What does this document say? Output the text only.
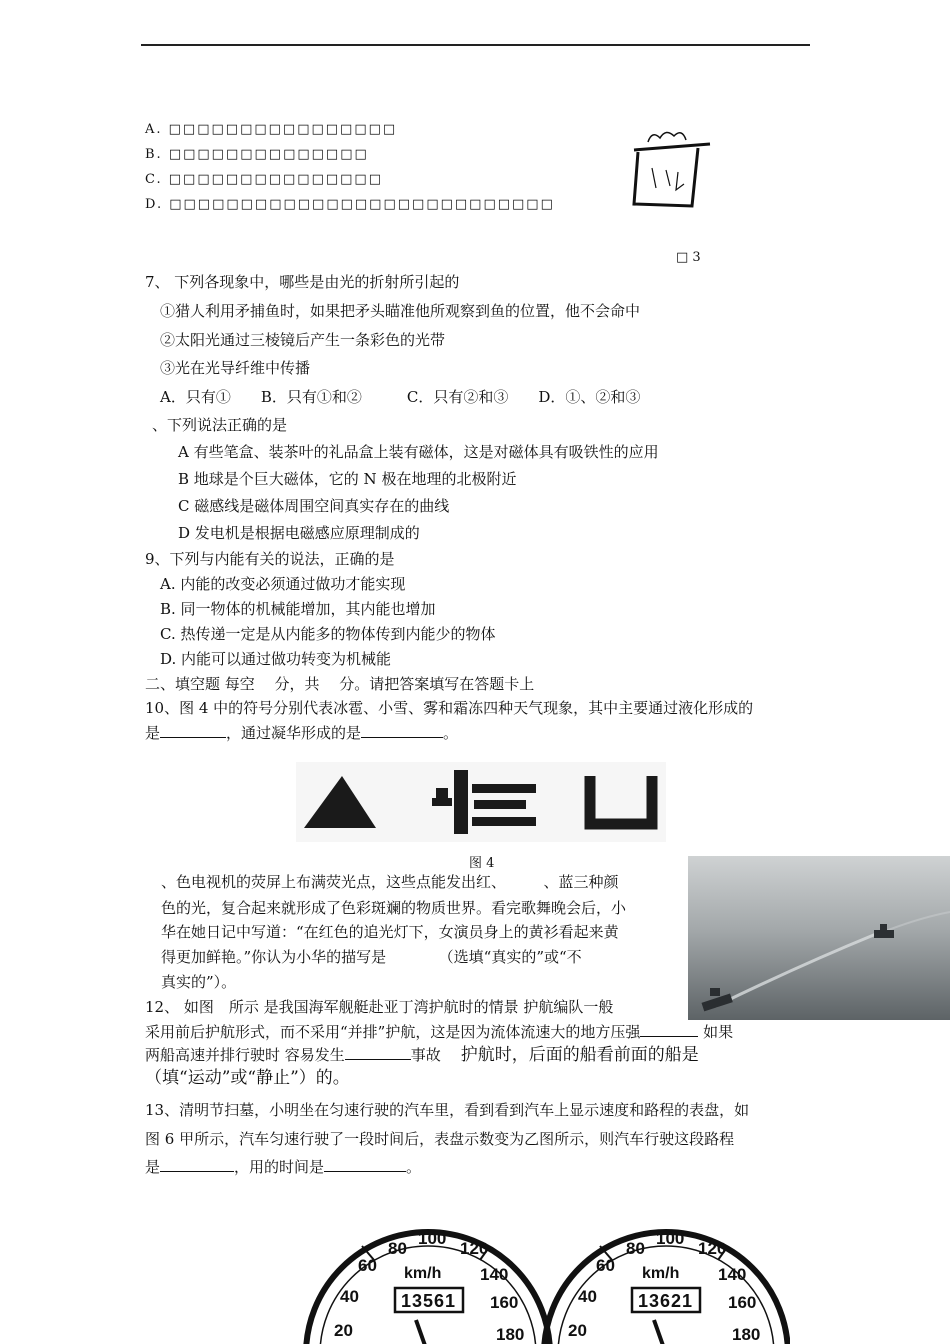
A. □□□□□□□□□□□□□□□□
B. □□□□□□□□□□□□□□
C. □□□□□□□□□□□□□□□
D. □□□□□□□□□□□□□□□□□□□□□□□□□□□
□ 3
7、 下列各现象中，哪些是由光的折射所引起的
①猎人利用矛捕鱼时，如果把矛头瞄准他所观察到鱼的位置，他不会命中
②太阳光通过三棱镜后产生一条彩色的光带
③光在光导纤维中传播
A．只有①　　B．只有①和②　　　C．只有②和③　　D．①、②和③
、下列说法正确的是
A 有些笔盒、装茶叶的礼品盒上装有磁体，这是对磁体具有吸铁性的应用
B 地球是个巨大磁体，它的 N 极在地理的北极附近
C 磁感线是磁体周围空间真实存在的曲线
D 发电机是根据电磁感应原理制成的
9、下列与内能有关的说法，正确的是
A. 内能的改变必须通过做功才能实现
B. 同一物体的机械能增加，其内能也增加
C. 热传递一定是从内能多的物体传到内能少的物体
D. 内能可以通过做功转变为机械能
二、填空题 每空　 分，共　 分。请把答案填写在答题卡上
10、图 4 中的符号分别代表冰雹、小雪、雾和霜冻四种天气现象，其中主要通过液化形成的
是	，通过凝华形成的是	。
图 4
、色电视机的荧屏上布满荧光点，这些点能发出红、　　　、蓝三种颜
色的光，复合起来就形成了色彩斑斓的物质世界。看完歌舞晚会后，小
华在她日记中写道：“在红色的追光灯下，女演员身上的黄衫看起来黄
得更加鲜艳。”你认为小华的描写是　　　　（选填“真实的”或“不
真实的”）。
12、 如图　所示 是我国海军舰艇赴亚丁湾护航时的情景 护航编队一般
采用前后护航形式，而不采用“并排”护航，这是因为流体流速大的地方压强	如果
两船高速并排行驶时 容易发生	事故 护航时，后面的船看前面的船是
（填“运动”或“静止”）的。
13、清明节扫墓，小明坐在匀速行驶的汽车里，看到看到汽车上显示速度和路程的表盘，如
图 6 甲所示，汽车匀速行驶了一段时间后，表盘示数变为乙图所示，则汽车行驶这段路程
是	，用的时间是	。
20
40
60
80
100
120
140
160
180
km/h
13561
20
40
60
80
100
120
140
160
180
km/h
13621
